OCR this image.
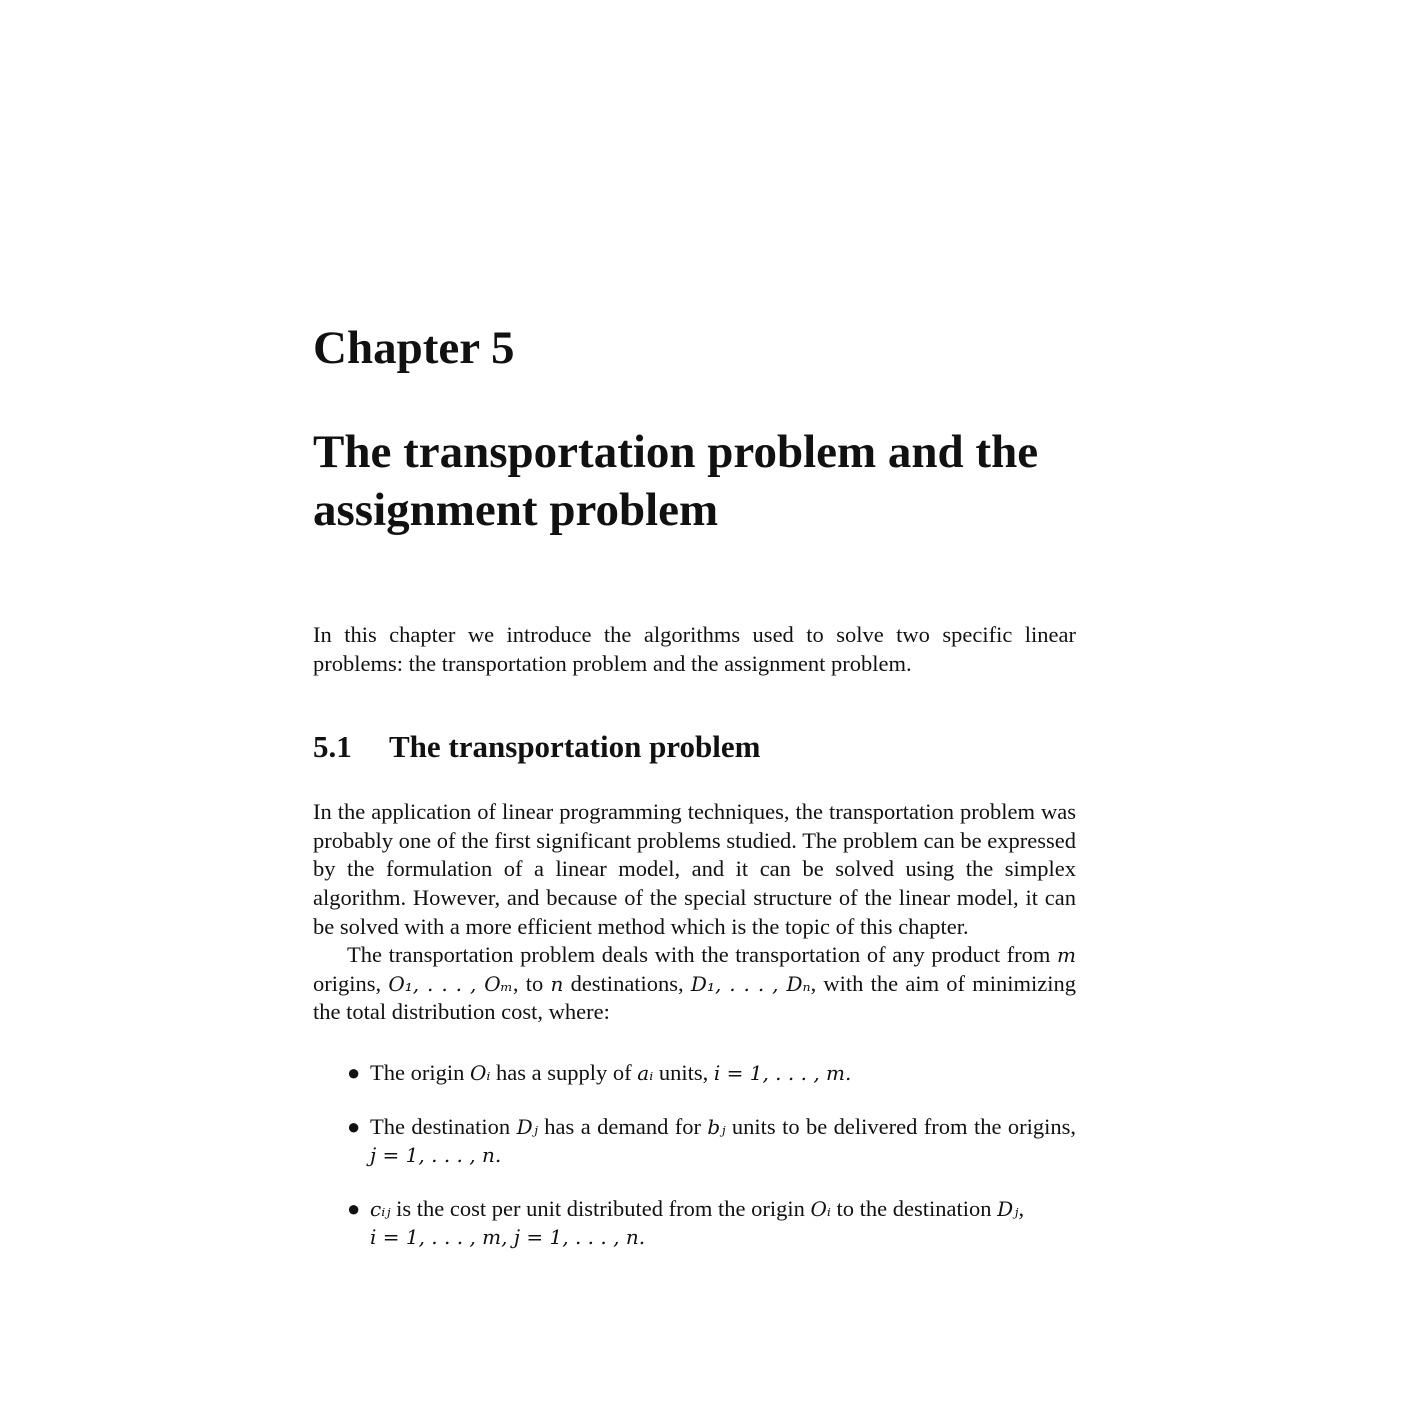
Chapter 5
The transportation problem and the
assignment problem

In this chapter we introduce the algorithms used to solve two specific linear problems: the transportation problem and the assignment problem.

5.1 The transportation problem

In the application of linear programming techniques, the transportation problem was probably one of the first significant problems studied. The problem can be expressed by the formulation of a linear model, and it can be solved using the simplex algorithm. However, and because of the special structure of the linear model, it can be solved with a more efficient method which is the topic of this chapter.

The transportation problem deals with the transportation of any product from m origins, O₁, . . . , Oₘ, to n destinations, D₁, . . . , Dₙ, with the aim of minimizing the total distribution cost, where:

● The origin Oᵢ has a supply of aᵢ units, i = 1, . . . , m.
● The destination Dⱼ has a demand for bⱼ units to be delivered from the origins, j = 1, . . . , n.
● cᵢⱼ is the cost per unit distributed from the origin Oᵢ to the destination Dⱼ,
i = 1, . . . , m, j = 1, . . . , n.
